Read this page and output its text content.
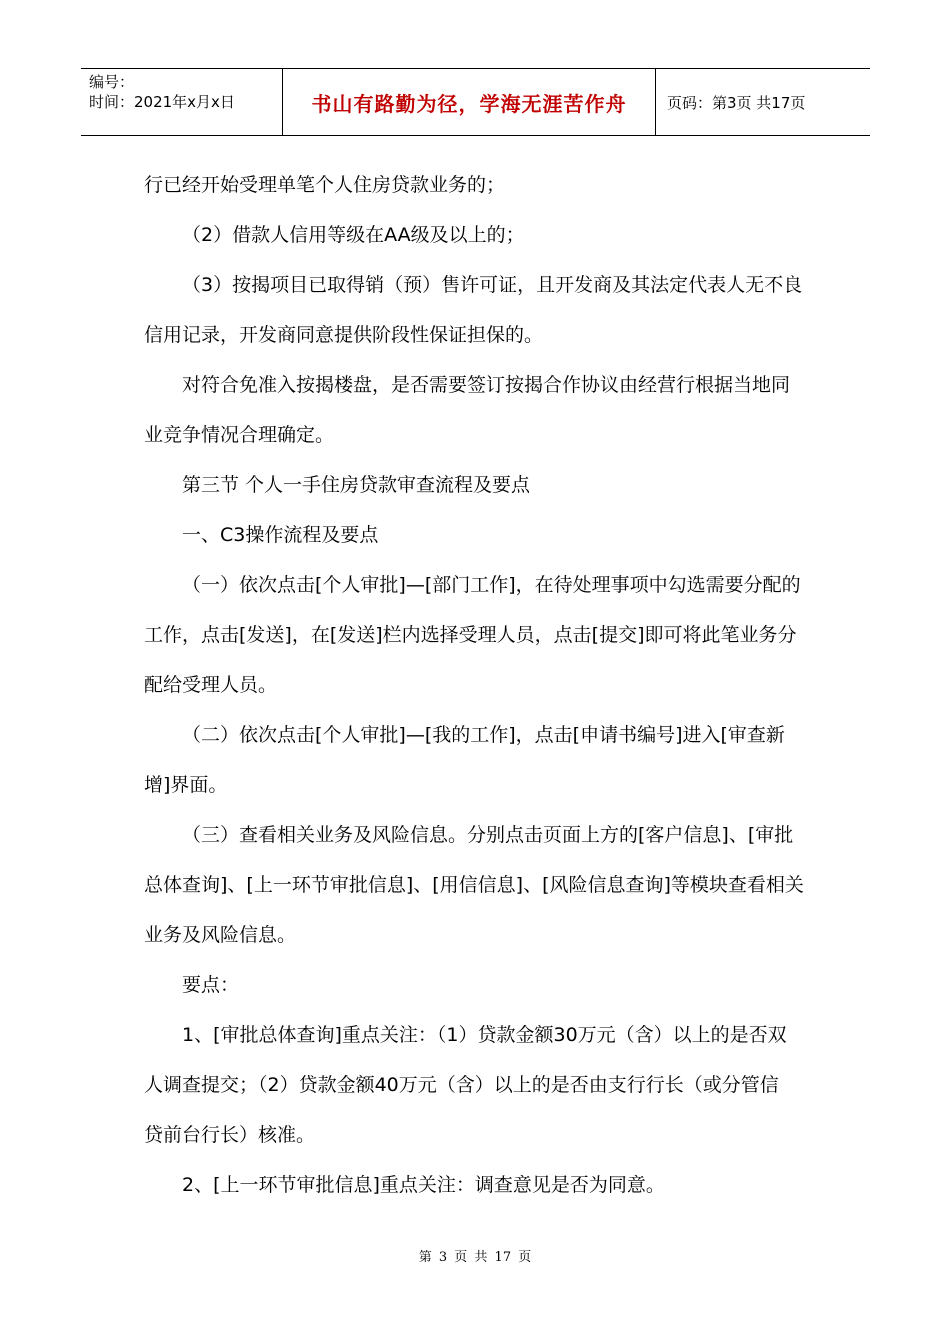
编号：
时间：2021年x月x日	书山有路勤为径，学海无涯苦作舟	页码：第3页 共17页

行已经开始受理单笔个人住房贷款业务的；

（2）借款人信用等级在AA级及以上的；

（3）按揭项目已取得销（预）售许可证，且开发商及其法定代表人无不良

信用记录，开发商同意提供阶段性保证担保的。

对符合免准入按揭楼盘，是否需要签订按揭合作协议由经营行根据当地同

业竞争情况合理确定。

第三节 个人一手住房贷款审查流程及要点

一、C3操作流程及要点

（一）依次点击[个人审批]—[部门工作]，在待处理事项中勾选需要分配的

工作，点击[发送]，在[发送]栏内选择受理人员，点击[提交]即可将此笔业务分

配给受理人员。

（二）依次点击[个人审批]—[我的工作]，点击[申请书编号]进入[审查新

增]界面。

（三）查看相关业务及风险信息。分别点击页面上方的[客户信息]、[审批

总体查询]、[上一环节审批信息]、[用信信息]、[风险信息查询]等模块查看相关

业务及风险信息。

要点：

1、[审批总体查询]重点关注：（1）贷款金额30万元（含）以上的是否双

人调查提交；（2）贷款金额40万元（含）以上的是否由支行行长（或分管信

贷前台行长）核准。

2、[上一环节审批信息]重点关注：调查意见是否为同意。

第 3 页 共 17 页
